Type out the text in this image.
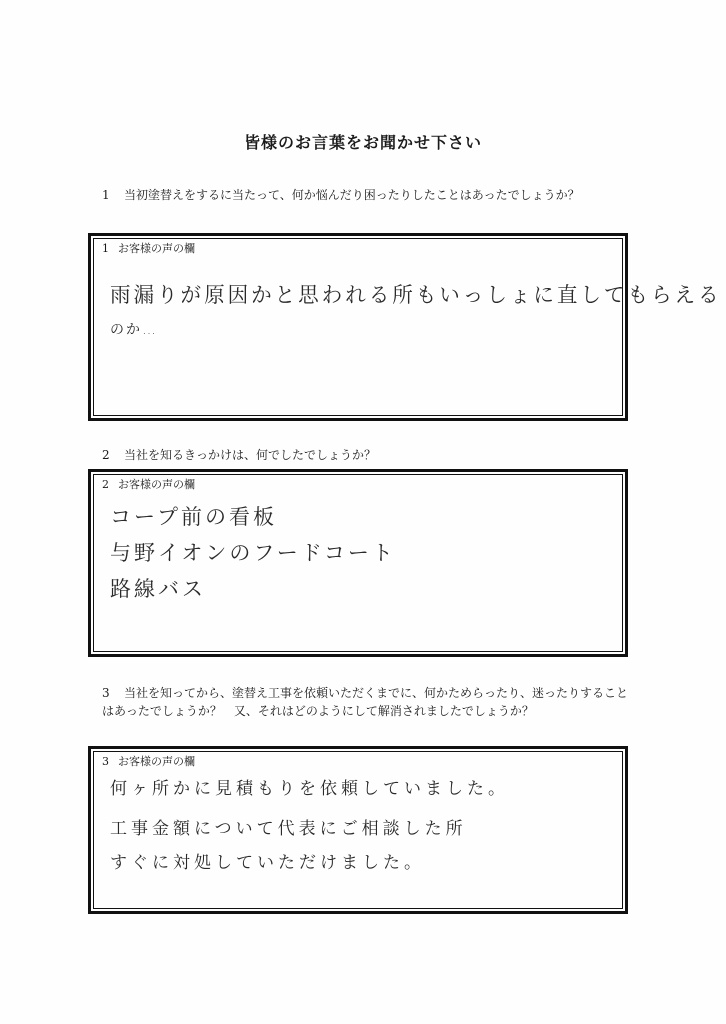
皆様のお言葉をお聞かせ下さい
1 当初塗替えをするに当たって、何か悩んだり困ったりしたことはあったでしょうか？
1 お客様の声の欄
雨漏りが原因かと思われる所もいっしょに直してもらえる
のか…
2 当社を知るきっかけは、何でしたでしょうか？
2 お客様の声の欄
コープ前の看板
与野イオンのフードコート
路線バス
3 当社を知ってから、塗替え工事を依頼いただくまでに、何かためらったり、迷ったりすることはあったでしょうか？　又、それはどのようにして解消されましたでしょうか？
3 お客様の声の欄
何ヶ所かに見積もりを依頼していました。
工事金額について代表にご相談した所
すぐに対処していただけました。
